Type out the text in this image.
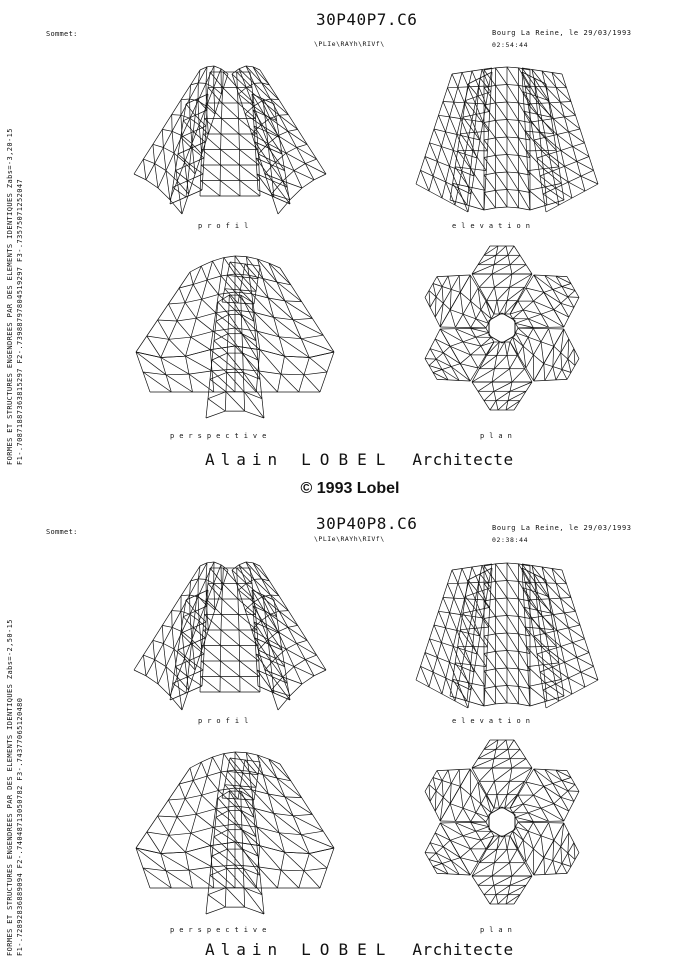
FORMES ET STRUCTURES ENGENDREES PAR DES ELEMENTS IDENTIQUES Zabs=-3,20-15 F1-.70871887363815297 F2-.73988797804519297 F3-.73575071252047
Sommet:
30P40P7.C6
\PLIe\RAYh\RIVf\
Bourg La Reine, le 29/03/1993
02:54:44
profil	elevation
perspective	plan
Alain LOBEL Architecte
© 1993 Lobel
FORMES ET STRUCTURES ENGENDREES PAR DES ELEMENTS IDENTIQUES Zabs=-2,50-15 F1-.72892836889094 F2-.74048713050782 F3-.74377065120480
Sommet:	30P40P8.C6
\PLIe\RAYh\RIVf\
Bourg La Reine, le 29/03/1993
02:38:44
profil	elevation
perspective	plan
Alain LOBEL Architecte
